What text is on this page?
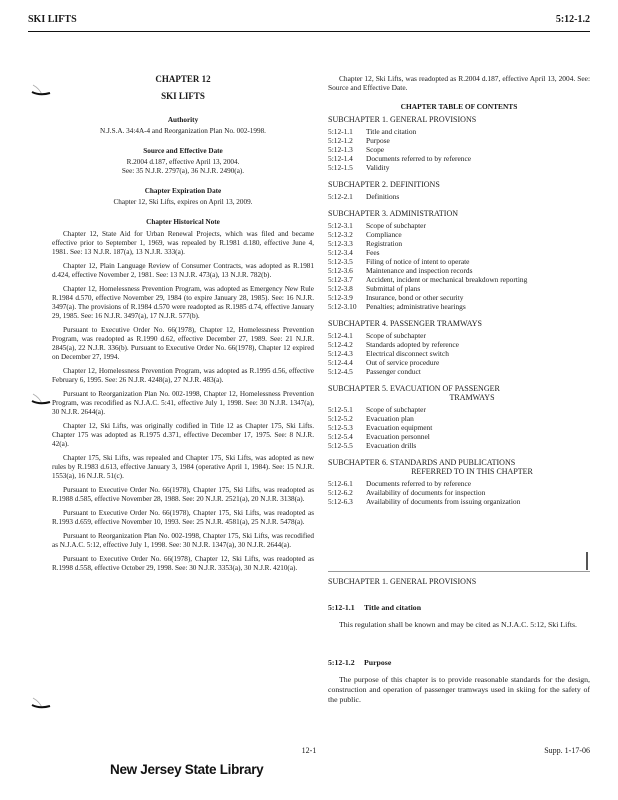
SKI LIFTS	5:12-1.2
CHAPTER 12
SKI LIFTS
Authority
N.J.S.A. 34:4A-4 and Reorganization Plan No. 002-1998.
Source and Effective Date
R.2004 d.187, effective April 13, 2004.
See: 35 N.J.R. 2797(a), 36 N.J.R. 2490(a).
Chapter Expiration Date
Chapter 12, Ski Lifts, expires on April 13, 2009.
Chapter Historical Note
Chapter 12, State Aid for Urban Renewal Projects, which was filed and became effective prior to September 1, 1969, was repealed by R.1981 d.180, effective June 4, 1981. See: 13 N.J.R. 187(a), 13 N.J.R. 333(a).
Chapter 12, Plain Language Review of Consumer Contracts, was adopted as R.1981 d.424, effective November 2, 1981. See: 13 N.J.R. 473(a), 13 N.J.R. 782(b).
Chapter 12, Homelessness Prevention Program, was adopted as Emergency New Rule R.1984 d.570, effective November 29, 1984 (to expire January 28, 1985). See: 16 N.J.R. 3497(a). The provisions of R.1984 d.570 were readopted as R.1985 d.74, effective January 29, 1985. See: 16 N.J.R. 3497(a), 17 N.J.R. 577(b).
Pursuant to Executive Order No. 66(1978), Chapter 12, Homelessness Prevention Program, was readopted as R.1990 d.62, effective December 27, 1989. See: 21 N.J.R. 2845(a), 22 N.J.R. 336(b). Pursuant to Executive Order No. 66(1978), Chapter 12 expired on December 27, 1994.
Chapter 12, Homelessness Prevention Program, was adopted as R.1995 d.56, effective February 6, 1995. See: 26 N.J.R. 4248(a), 27 N.J.R. 483(a).
Pursuant to Reorganization Plan No. 002-1998, Chapter 12, Homelessness Prevention Program, was recodified as N.J.A.C. 5:41, effective July 1, 1998. See: 30 N.J.R. 1347(a), 30 N.J.R. 2644(a).
Chapter 12, Ski Lifts, was originally codified in Title 12 as Chapter 175, Ski Lifts. Chapter 175 was adopted as R.1975 d.371, effective December 17, 1975. See: 8 N.J.R. 42(a).
Chapter 175, Ski Lifts, was repealed and Chapter 175, Ski Lifts, was adopted as new rules by R.1983 d.613, effective January 3, 1984 (operative April 1, 1984). See: 15 N.J.R. 1553(a), 16 N.J.R. 51(c).
Pursuant to Executive Order No. 66(1978), Chapter 175, Ski Lifts, was readopted as R.1988 d.585, effective November 28, 1988. See: 20 N.J.R. 2521(a), 20 N.J.R. 3138(a).
Pursuant to Executive Order No. 66(1978), Chapter 175, Ski Lifts, was readopted as R.1993 d.659, effective November 10, 1993. See: 25 N.J.R. 4581(a), 25 N.J.R. 5478(a).
Pursuant to Reorganization Plan No. 002-1998, Chapter 175, Ski Lifts, was recodified as N.J.A.C. 5:12, effective July 1, 1998. See: 30 N.J.R. 1347(a), 30 N.J.R. 2644(a).
Pursuant to Executive Order No. 66(1978), Chapter 12, Ski Lifts, was readopted as R.1998 d.558, effective October 29, 1998. See: 30 N.J.R. 3353(a), 30 N.J.R. 4210(a).
Chapter 12, Ski Lifts, was readopted as R.2004 d.187, effective April 13, 2004. See: Source and Effective Date.
CHAPTER TABLE OF CONTENTS
SUBCHAPTER 1. GENERAL PROVISIONS
5:12-1.1	Title and citation
5:12-1.2	Purpose
5:12-1.3	Scope
5:12-1.4	Documents referred to by reference
5:12-1.5	Validity
SUBCHAPTER 2. DEFINITIONS
5:12-2.1	Definitions
SUBCHAPTER 3. ADMINISTRATION
5:12-3.1	Scope of subchapter
5:12-3.2	Compliance
5:12-3.3	Registration
5:12-3.4	Fees
5:12-3.5	Filing of notice of intent to operate
5:12-3.6	Maintenance and inspection records
5:12-3.7	Accident, incident or mechanical breakdown reporting
5:12-3.8	Submittal of plans
5:12-3.9	Insurance, bond or other security
5:12-3.10	Penalties; administrative hearings
SUBCHAPTER 4. PASSENGER TRAMWAYS
5:12-4.1	Scope of subchapter
5:12-4.2	Standards adopted by reference
5:12-4.3	Electrical disconnect switch
5:12-4.4	Out of service procedure
5:12-4.5	Passenger conduct
SUBCHAPTER 5. EVACUATION OF PASSENGER
TRAMWAYS
5:12-5.1	Scope of subchapter
5:12-5.2	Evacuation plan
5:12-5.3	Evacuation equipment
5:12-5.4	Evacuation personnel
5:12-5.5	Evacuation drills
SUBCHAPTER 6. STANDARDS AND PUBLICATIONS
REFERRED TO IN THIS CHAPTER
5:12-6.1	Documents referred to by reference
5:12-6.2	Availability of documents for inspection
5:12-6.3	Availability of documents from issuing organization
SUBCHAPTER 1. GENERAL PROVISIONS
5:12-1.1 Title and citation
This regulation shall be known and may be cited as N.J.A.C. 5:12, Ski Lifts.
5:12-1.2 Purpose
The purpose of this chapter is to provide reasonable standards for the design, construction and operation of passenger tramways used in skiing for the safety of the public.
12-1	Supp. 1-17-06
New Jersey State Library
